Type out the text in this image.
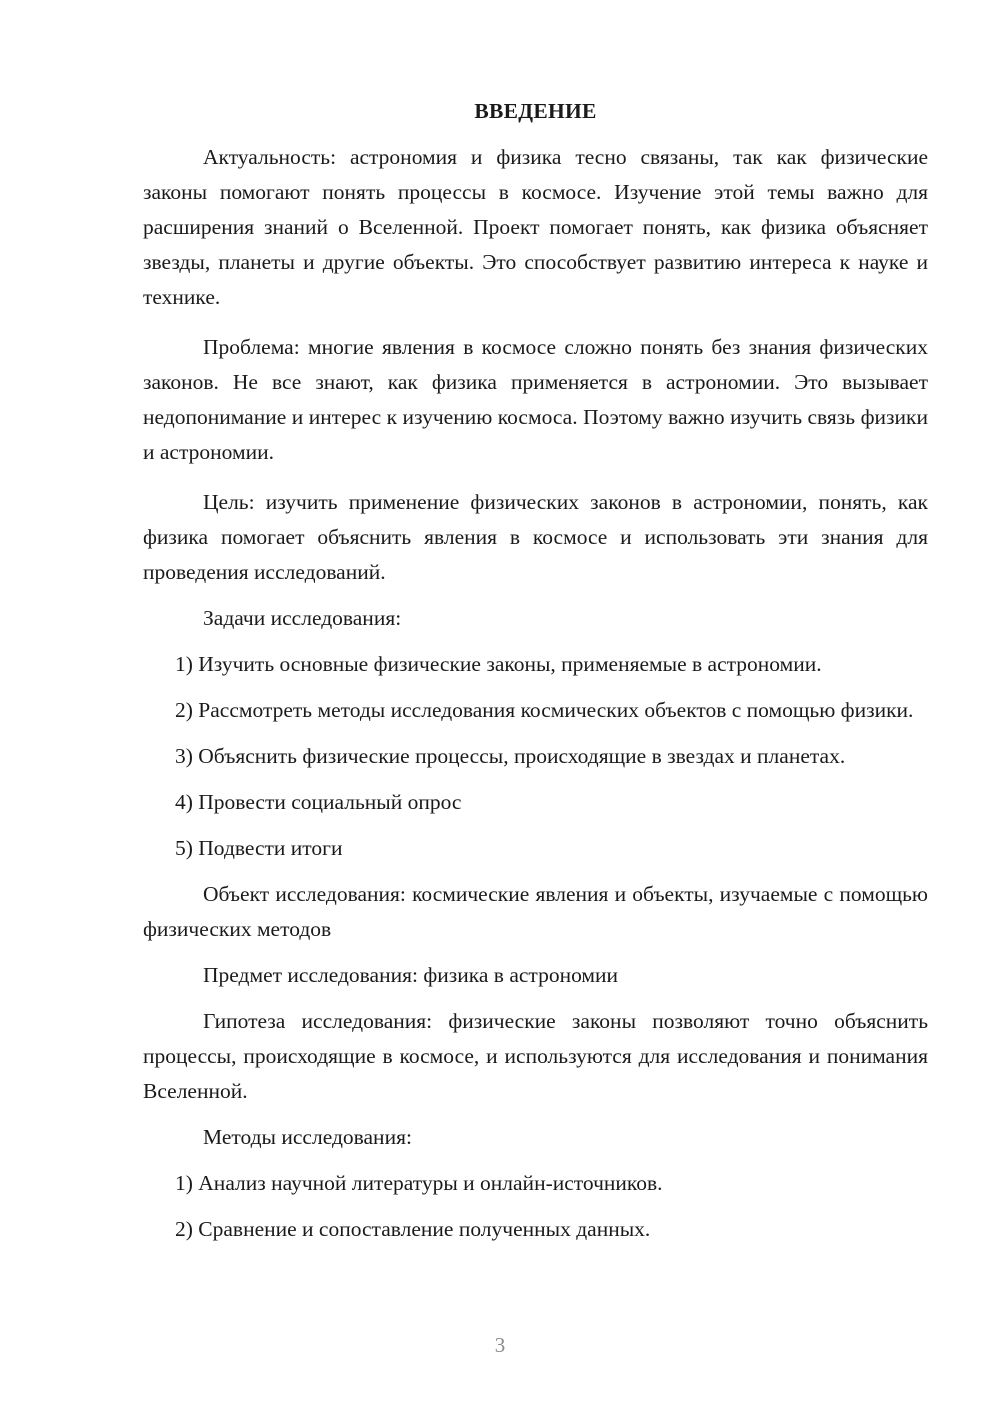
ВВЕДЕНИЕ

Актуальность: астрономия и физика тесно связаны, так как физические законы помогают понять процессы в космосе. Изучение этой темы важно для расширения знаний о Вселенной. Проект помогает понять, как физика объясняет звезды, планеты и другие объекты. Это способствует развитию интереса к науке и технике.

Проблема: многие явления в космосе сложно понять без знания физических законов. Не все знают, как физика применяется в астрономии. Это вызывает недопонимание и интерес к изучению космоса. Поэтому важно изучить связь физики и астрономии.

Цель: изучить применение физических законов в астрономии, понять, как физика помогает объяснить явления в космосе и использовать эти знания для проведения исследований.

Задачи исследования:

1) Изучить основные физические законы, применяемые в астрономии.

2) Рассмотреть методы исследования космических объектов с помощью физики.

3) Объяснить физические процессы, происходящие в звездах и планетах.

4) Провести социальный опрос

5) Подвести итоги

Объект исследования: космические явления и объекты, изучаемые с помощью физических методов

Предмет исследования: физика в астрономии

Гипотеза исследования: физические законы позволяют точно объяснить процессы, происходящие в космосе, и используются для исследования и понимания Вселенной.

Методы исследования:

1) Анализ научной литературы и онлайн-источников.

2) Сравнение и сопоставление полученных данных.

3
